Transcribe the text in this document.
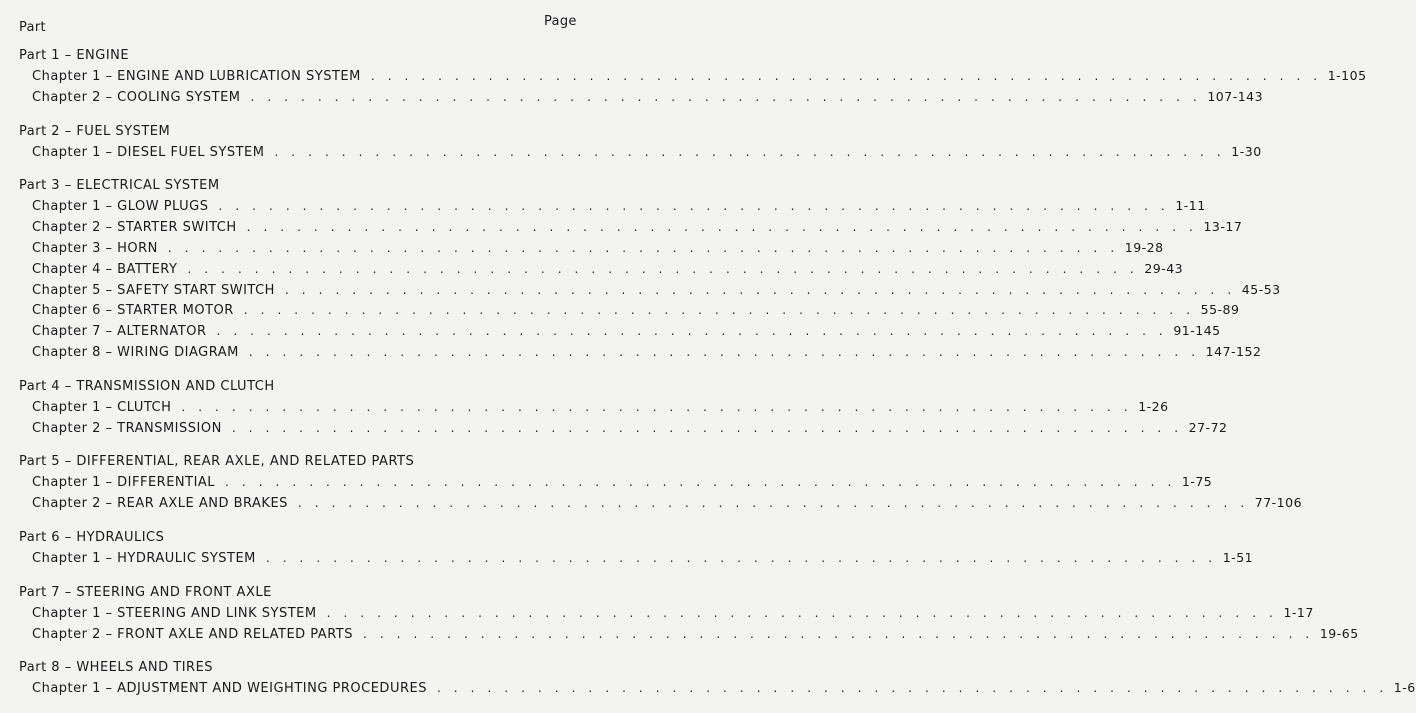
Part	Page
Part 1 – ENGINE
Chapter 1 – ENGINE AND LUBRICATION SYSTEM . . . . . . . . . . . . . . . . . . . . . . . . . . . . . . . . . . . . . . . . . . . . . . . . . . . . . . . . . 1-105
Chapter 2 – COOLING SYSTEM . . . . . . . . . . . . . . . . . . . . . . . . . . . . . . . . . . . . . . . . . . . . . . . . . . . . . . . . . 107-143
Part 2 – FUEL SYSTEM
Chapter 1 – DIESEL FUEL SYSTEM . . . . . . . . . . . . . . . . . . . . . . . . . . . . . . . . . . . . . . . . . . . . . . . . . . . . . . . . . 1-30
Part 3 – ELECTRICAL SYSTEM
Chapter 1 – GLOW PLUGS . . . . . . . . . . . . . . . . . . . . . . . . . . . . . . . . . . . . . . . . . . . . . . . . . . . . . . . . . 1-11
Chapter 2 – STARTER SWITCH . . . . . . . . . . . . . . . . . . . . . . . . . . . . . . . . . . . . . . . . . . . . . . . . . . . . . . . . . 13-17
Chapter 3 – HORN . . . . . . . . . . . . . . . . . . . . . . . . . . . . . . . . . . . . . . . . . . . . . . . . . . . . . . . . . 19-28
Chapter 4 – BATTERY . . . . . . . . . . . . . . . . . . . . . . . . . . . . . . . . . . . . . . . . . . . . . . . . . . . . . . . . . 29-43
Chapter 5 – SAFETY START SWITCH . . . . . . . . . . . . . . . . . . . . . . . . . . . . . . . . . . . . . . . . . . . . . . . . . . . . . . . . . 45-53
Chapter 6 – STARTER MOTOR . . . . . . . . . . . . . . . . . . . . . . . . . . . . . . . . . . . . . . . . . . . . . . . . . . . . . . . . . 55-89
Chapter 7 – ALTERNATOR . . . . . . . . . . . . . . . . . . . . . . . . . . . . . . . . . . . . . . . . . . . . . . . . . . . . . . . . . 91-145
Chapter 8 – WIRING DIAGRAM . . . . . . . . . . . . . . . . . . . . . . . . . . . . . . . . . . . . . . . . . . . . . . . . . . . . . . . . . 147-152
Part 4 – TRANSMISSION AND CLUTCH
Chapter 1 – CLUTCH . . . . . . . . . . . . . . . . . . . . . . . . . . . . . . . . . . . . . . . . . . . . . . . . . . . . . . . . . 1-26
Chapter 2 – TRANSMISSION . . . . . . . . . . . . . . . . . . . . . . . . . . . . . . . . . . . . . . . . . . . . . . . . . . . . . . . . . 27-72
Part 5 – DIFFERENTIAL, REAR AXLE, AND RELATED PARTS
Chapter 1 – DIFFERENTIAL . . . . . . . . . . . . . . . . . . . . . . . . . . . . . . . . . . . . . . . . . . . . . . . . . . . . . . . . . 1-75
Chapter 2 – REAR AXLE AND BRAKES . . . . . . . . . . . . . . . . . . . . . . . . . . . . . . . . . . . . . . . . . . . . . . . . . . . . . . . . . 77-106
Part 6 – HYDRAULICS
Chapter 1 – HYDRAULIC SYSTEM . . . . . . . . . . . . . . . . . . . . . . . . . . . . . . . . . . . . . . . . . . . . . . . . . . . . . . . . . 1-51
Part 7 – STEERING AND FRONT AXLE
Chapter 1 – STEERING AND LINK SYSTEM . . . . . . . . . . . . . . . . . . . . . . . . . . . . . . . . . . . . . . . . . . . . . . . . . . . . . . . . . 1-17
Chapter 2 – FRONT AXLE AND RELATED PARTS . . . . . . . . . . . . . . . . . . . . . . . . . . . . . . . . . . . . . . . . . . . . . . . . . . . . . . . . . 19-65
Part 8 – WHEELS AND TIRES
Chapter 1 – ADJUSTMENT AND WEIGHTING PROCEDURES . . . . . . . . . . . . . . . . . . . . . . . . . . . . . . . . . . . . . . . . . . . . . . . . . . . . . . . . . 1-6
